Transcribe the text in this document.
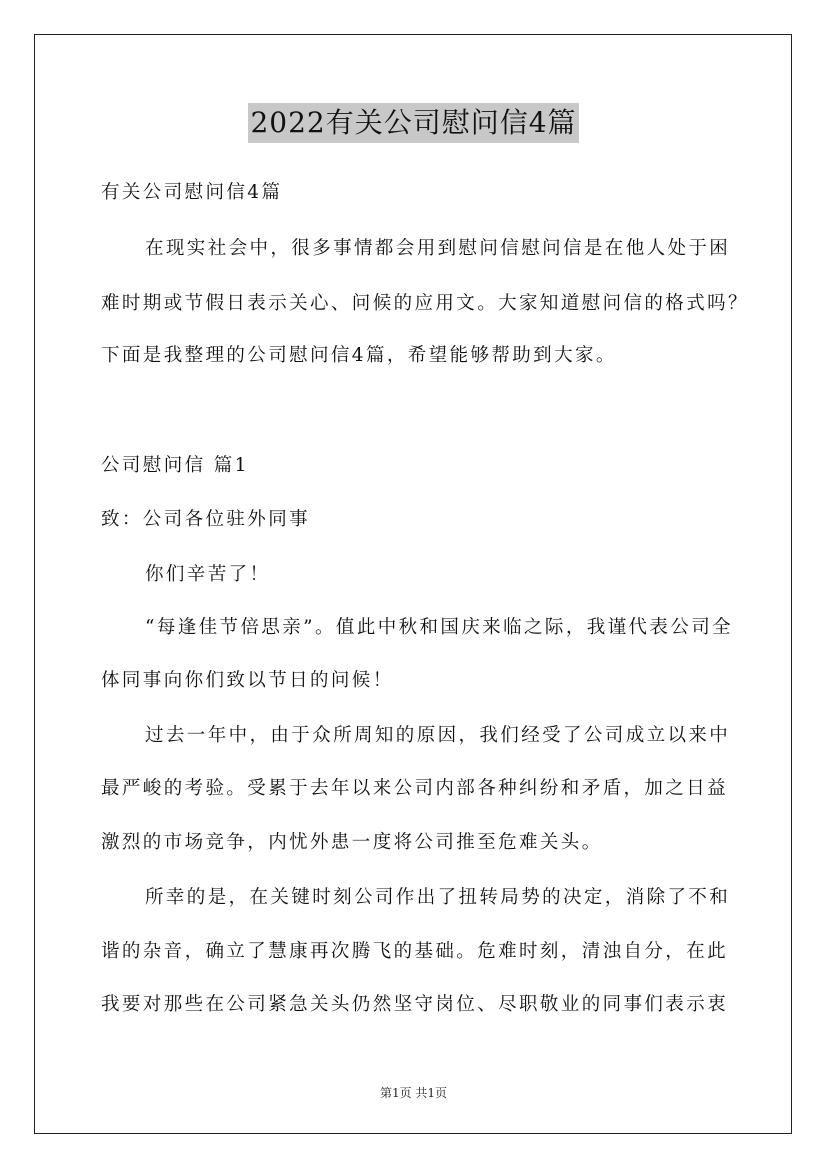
2022有关公司慰问信4篇
有关公司慰问信4篇
在现实社会中，很多事情都会用到慰问信慰问信是在他人处于困
难时期或节假日表示关心、问候的应用文。大家知道慰问信的格式吗？
下面是我整理的公司慰问信4篇，希望能够帮助到大家。
公司慰问信 篇1
致：公司各位驻外同事
你们辛苦了！
“每逢佳节倍思亲”。值此中秋和国庆来临之际，我谨代表公司全
体同事向你们致以节日的问候！
过去一年中，由于众所周知的原因，我们经受了公司成立以来中
最严峻的考验。受累于去年以来公司内部各种纠纷和矛盾，加之日益
激烈的市场竞争，内忧外患一度将公司推至危难关头。
所幸的是，在关键时刻公司作出了扭转局势的决定，消除了不和
谐的杂音，确立了慧康再次腾飞的基础。危难时刻，清浊自分，在此
我要对那些在公司紧急关头仍然坚守岗位、尽职敬业的同事们表示衷
第1页 共1页
